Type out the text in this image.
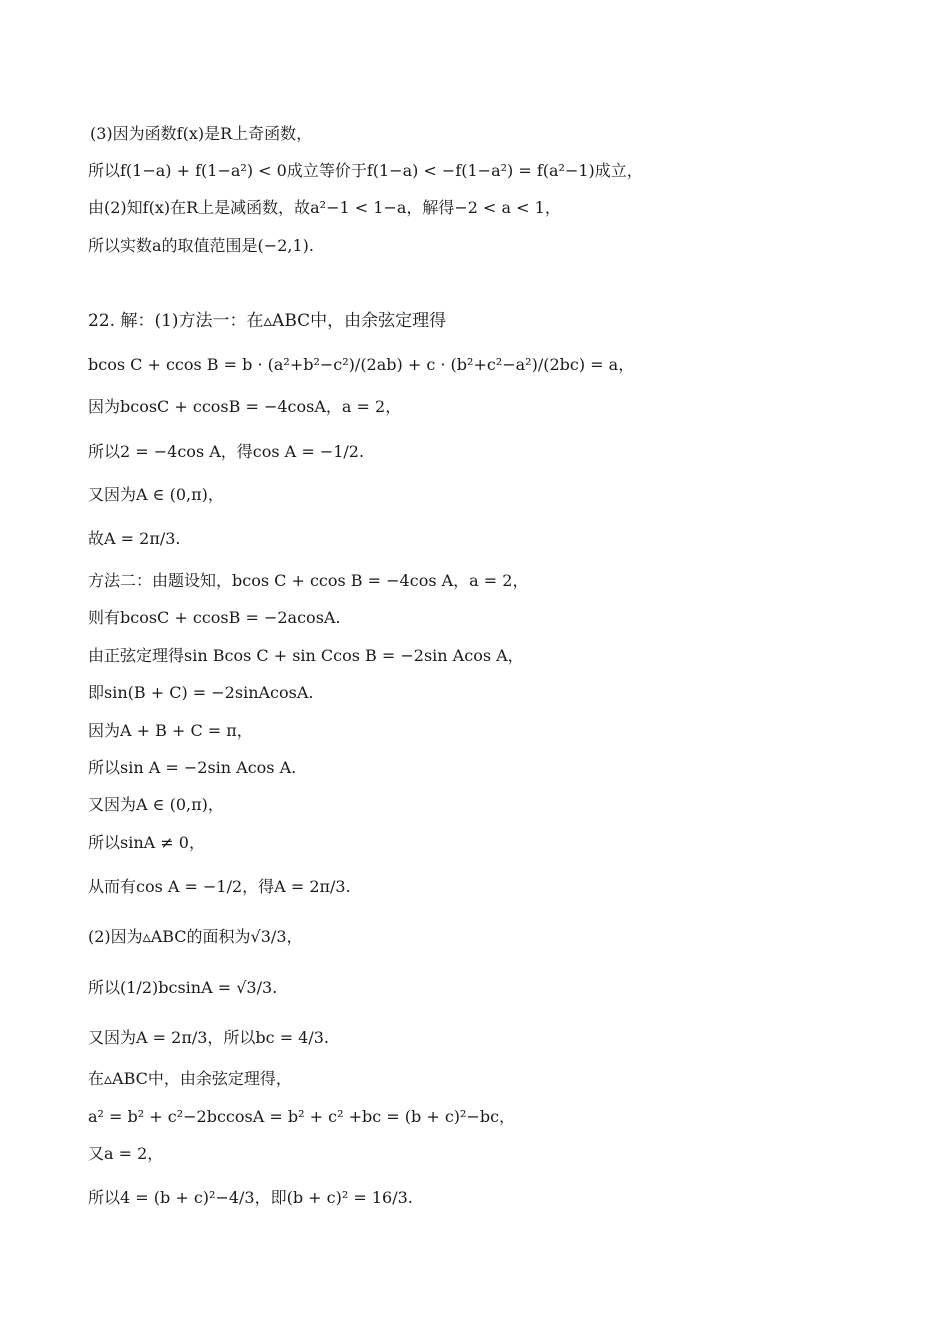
(3)因为函数f(x)是R上奇函数，
所以f(1−a) + f(1−a²) < 0成立等价于f(1−a) < −f(1−a²) = f(a²−1)成立，
由(2)知f(x)在R上是减函数，故a²−1 < 1−a，解得−2 < a < 1，
所以实数a的取值范围是(−2,1).
22. 解：(1)方法一：在▵ABC中，由余弦定理得
bcos C + ccos B = b · (a²+b²−c²)/(2ab) + c · (b²+c²−a²)/(2bc) = a，
因为bcosC + ccosB = −4cosA，a = 2，
所以2 = −4cos A，得cos A = −1/2.
又因为A ∈ (0,π)，
故A = 2π/3.
方法二：由题设知，bcos C + ccos B = −4cos A，a = 2，
则有bcosC + ccosB = −2acosA.
由正弦定理得sin Bcos C + sin Ccos B = −2sin Acos A，
即sin(B + C) = −2sinAcosA.
因为A + B + C = π，
所以sin A = −2sin Acos A.
又因为A ∈ (0,π)，
所以sinA ≠ 0，
从而有cos A = −1/2，得A = 2π/3.
(2)因为▵ABC的面积为√3/3，
所以(1/2)bcsinA = √3/3.
又因为A = 2π/3，所以bc = 4/3.
在▵ABC中，由余弦定理得，
a² = b² + c²−2bccosA = b² + c² +bc = (b + c)²−bc，
又a = 2，
所以4 = (b + c)²−4/3，即(b + c)² = 16/3.
